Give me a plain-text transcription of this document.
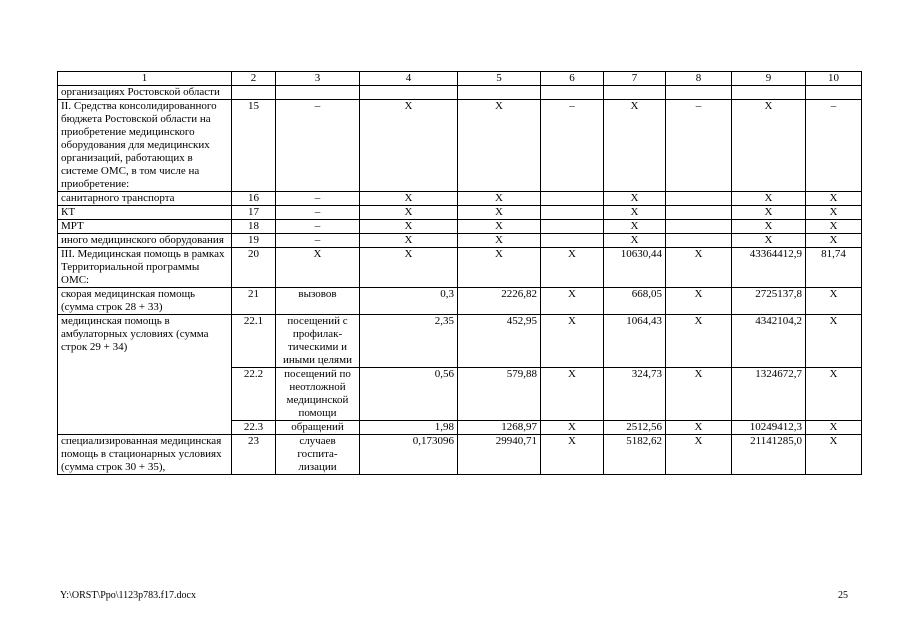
1	2	3	4	5	6	7	8	9	10
организациях Ростовской области									
II. Средства консолидированного бюджета Ростовской области на приобретение медицинского оборудования для медицинских организаций, работающих в системе ОМС, в том числе на приобретение:	15	–	X	X	–	X	–	X	–
санитарного транспорта	16	–	X	X		X		X	X
КТ	17	–	X	X		X		X	X
МРТ	18	–	X	X		X		X	X
иного медицинского оборудования	19	–	X	X		X		X	X
III. Медицинская помощь в рамках Территориальной программы ОМС:	20	X	X	X	X	10630,44	X	43364412,9	81,74
скорая медицинская помощь (сумма строк 28 + 33)	21	вызовов	0,3	2226,82	X	668,05	X	2725137,8	X
медицинская помощь в амбулаторных условиях (сумма строк 29 + 34)	22.1	посещений с профилак-тическими и иными целями	2,35	452,95	X	1064,43	X	4342104,2	X
	22.2	посещений по неотложной медицинской помощи	0,56	579,88	X	324,73	X	1324672,7	X
	22.3	обращений	1,98	1268,97	X	2512,56	X	10249412,3	X
специализированная медицинская помощь в стационарных условиях (сумма строк 30 + 35),	23	случаев госпита-лизации	0,173096	29940,71	X	5182,62	X	21141285,0	X
Y:\ORST\Ppo\1123p783.f17.docx	25
